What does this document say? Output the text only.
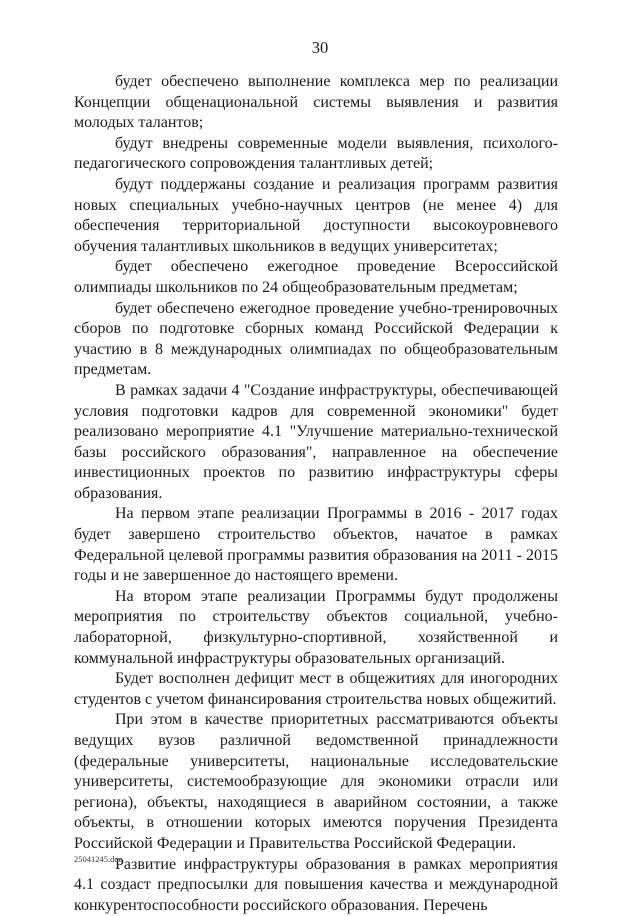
30

будет обеспечено выполнение комплекса мер по реализации Концепции общенациональной системы выявления и развития молодых талантов;

будут внедрены современные модели выявления, психолого-педагогического сопровождения талантливых детей;

будут поддержаны создание и реализация программ развития новых специальных учебно-научных центров (не менее 4) для обеспечения территориальной доступности высокоуровневого обучения талантливых школьников в ведущих университетах;

будет обеспечено ежегодное проведение Всероссийской олимпиады школьников по 24 общеобразовательным предметам;

будет обеспечено ежегодное проведение учебно-тренировочных сборов по подготовке сборных команд Российской Федерации к участию в 8 международных олимпиадах по общеобразовательным предметам.

В рамках задачи 4 "Создание инфраструктуры, обеспечивающей условия подготовки кадров для современной экономики" будет реализовано мероприятие 4.1 "Улучшение материально-технической базы российского образования", направленное на обеспечение инвестиционных проектов по развитию инфраструктуры сферы образования.

На первом этапе реализации Программы в 2016 - 2017 годах будет завершено строительство объектов, начатое в рамках Федеральной целевой программы развития образования на 2011 - 2015 годы и не завершенное до настоящего времени.

На втором этапе реализации Программы будут продолжены мероприятия по строительству объектов социальной, учебно-лабораторной, физкультурно-спортивной, хозяйственной и коммунальной инфраструктуры образовательных организаций.

Будет восполнен дефицит мест в общежитиях для иногородних студентов с учетом финансирования строительства новых общежитий.

При этом в качестве приоритетных рассматриваются объекты ведущих вузов различной ведомственной принадлежности (федеральные университеты, национальные исследовательские университеты, системообразующие для экономики отрасли или региона), объекты, находящиеся в аварийном состоянии, а также объекты, в отношении которых имеются поручения Президента Российской Федерации и Правительства Российской Федерации.

Развитие инфраструктуры образования в рамках мероприятия 4.1 создаст предпосылки для повышения качества и международной конкурентоспособности российского образования. Перечень

25041245.doc
